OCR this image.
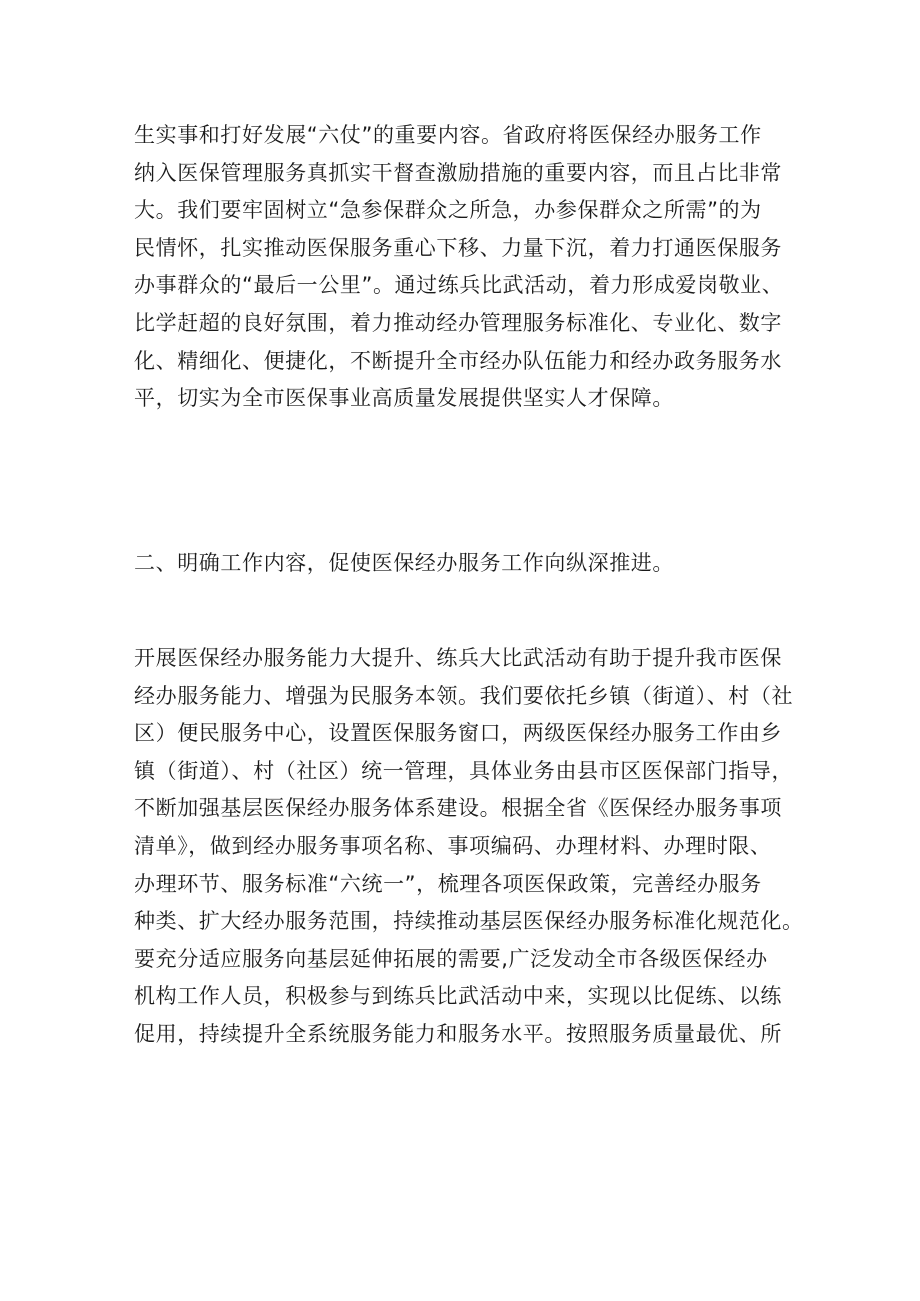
生实事和打好发展“六仗”的重要内容。省政府将医保经办服务工作
纳入医保管理服务真抓实干督查激励措施的重要内容，而且占比非常
大。我们要牢固树立“急参保群众之所急，办参保群众之所需”的为
民情怀，扎实推动医保服务重心下移、力量下沉，着力打通医保服务
办事群众的“最后一公里”。通过练兵比武活动，着力形成爱岗敬业、
比学赶超的良好氛围，着力推动经办管理服务标准化、专业化、数字
化、精细化、便捷化，不断提升全市经办队伍能力和经办政务服务水
平，切实为全市医保事业高质量发展提供坚实人才保障。
二、明确工作内容，促使医保经办服务工作向纵深推进。
开展医保经办服务能力大提升、练兵大比武活动有助于提升我市医保
经办服务能力、增强为民服务本领。我们要依托乡镇（街道）、村（社
区）便民服务中心，设置医保服务窗口，两级医保经办服务工作由乡
镇（街道）、村（社区）统一管理，具体业务由县市区医保部门指导，
不断加强基层医保经办服务体系建设。根据全省《医保经办服务事项
清单》，做到经办服务事项名称、事项编码、办理材料、办理时限、
办理环节、服务标准“六统一”，梳理各项医保政策，完善经办服务
种类、扩大经办服务范围，持续推动基层医保经办服务标准化规范化。
要充分适应服务向基层延伸拓展的需要,广泛发动全市各级医保经办
机构工作人员，积极参与到练兵比武活动中来，实现以比促练、以练
促用，持续提升全系统服务能力和服务水平。按照服务质量最优、所
